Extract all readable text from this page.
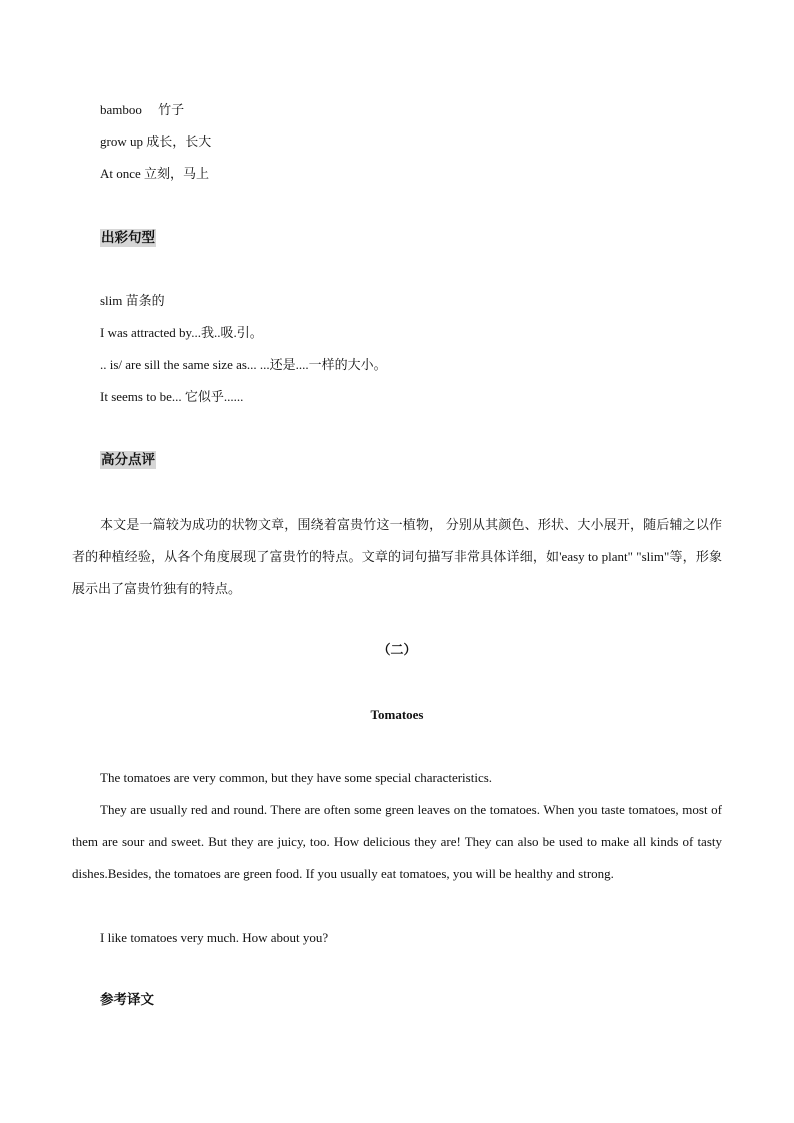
bamboo　 竹子
grow up 成长，长大
At once 立刻，马上
出彩句型
slim 苗条的
I was attracted by...我..吸.引。
.. is/ are sill the same size as... ...还是....一样的大小。
It seems to be... 它似乎......
高分点评
本文是一篇较为成功的状物文章，围绕着富贵竹这一植物， 分别从其颜色、形状、大小展开，随后辅之以作者的种植经验，从各个角度展现了富贵竹的特点。文章的词句描写非常具体详细，如'easy to plant" "slim"等，形象展示出了富贵竹独有的特点。
（二）
Tomatoes
The tomatoes are very common, but they have some special characteristics.
They are usually red and round. There are often some green leaves on the tomatoes. When you taste tomatoes, most of them are sour and sweet. But they are juicy, too. How delicious they are! They can also be used to make all kinds of tasty dishes.Besides, the tomatoes are green food. If you usually eat tomatoes, you will be healthy and strong.
I like tomatoes very much. How about you?
参考译文
